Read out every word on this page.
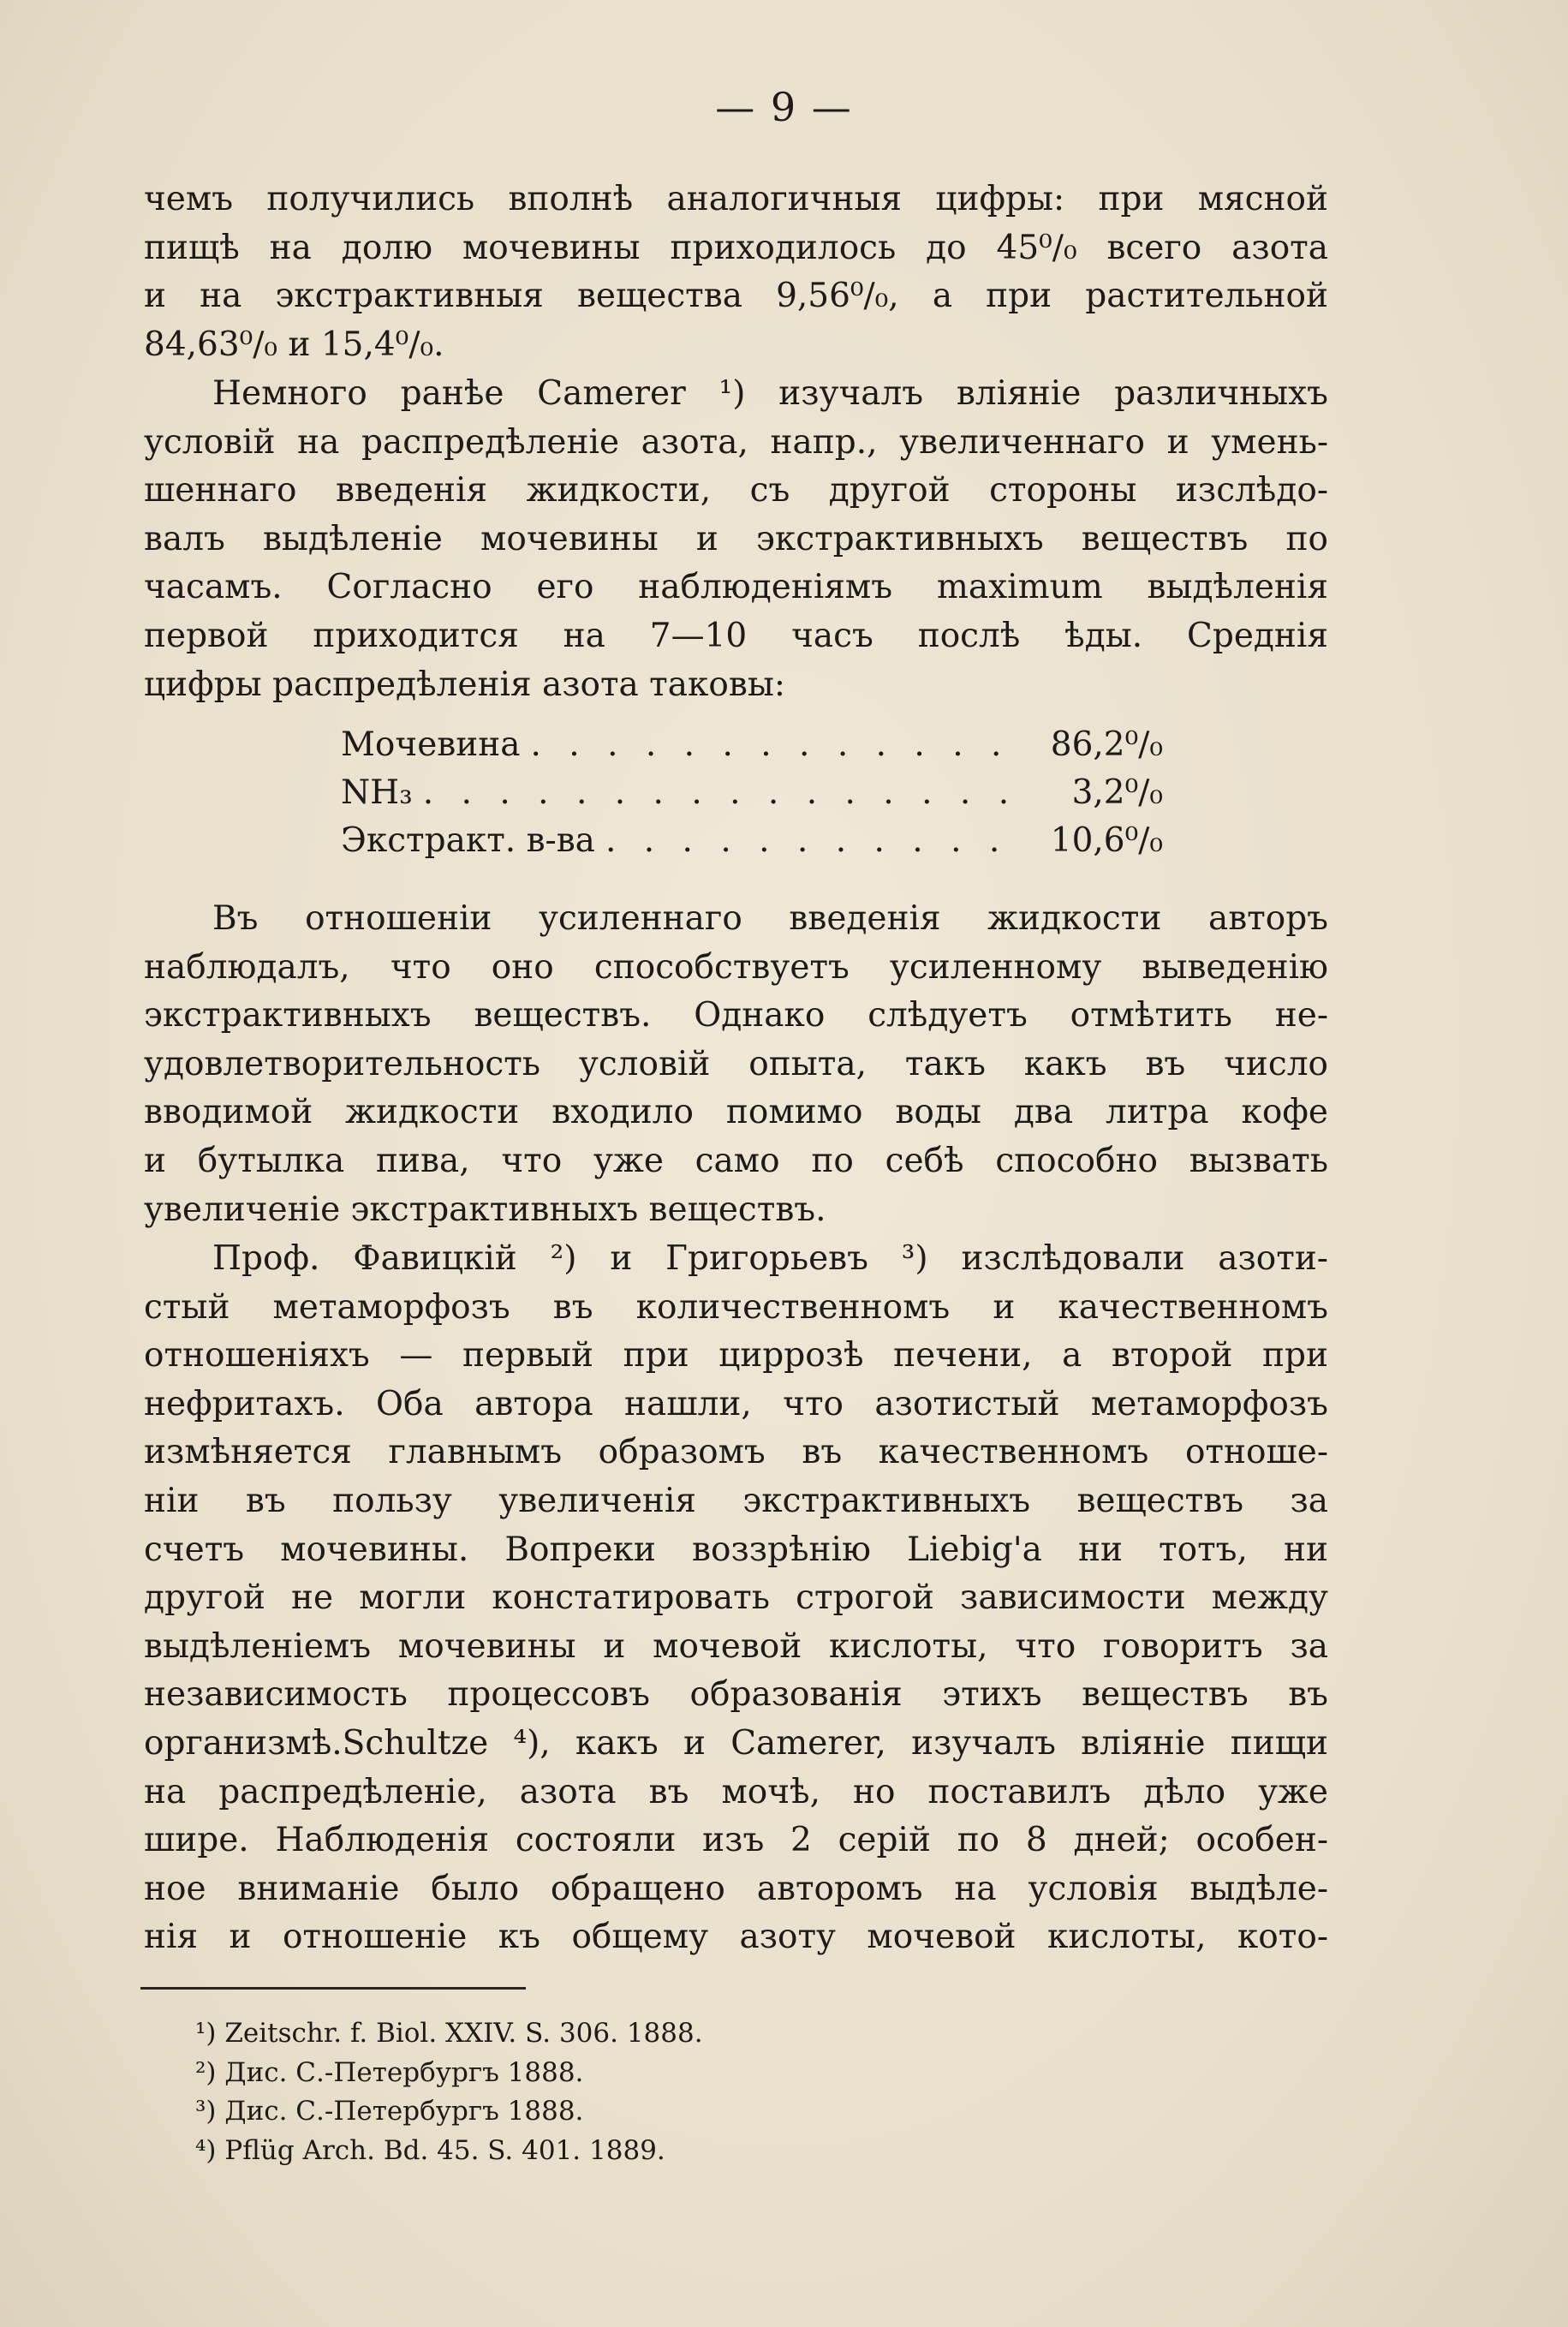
— 9 —
чемъ получились вполнѣ аналогичныя цифры: при мясной
пищѣ на долю мочевины приходилось до 45⁰/₀ всего азота
и на экстрактивныя вещества 9,56⁰/₀, а при растительной
84,63⁰/₀ и 15,4⁰/₀.
Немного ранѣе Camerer ¹) изучалъ вліяніе различныхъ
условій на распредѣленіе азота, напр., увеличеннаго и умень-
шеннаго введенія жидкости, съ другой стороны изслѣдо-
валъ выдѣленіе мочевины и экстрактивныхъ веществъ по
часамъ. Согласно его наблюденіямъ maximum выдѣленія
первой приходится на 7—10 часъ послѣ ѣды. Среднія
цифры распредѣленія азота таковы:
Мочевина . . .	86,2⁰/₀
NH₃ . . .	3,2⁰/₀
Экстракт. в-ва . . .	10,6⁰/₀
Въ отношеніи усиленнаго введенія жидкости авторъ
наблюдалъ, что оно способствуетъ усиленному выведенію
экстрактивныхъ веществъ. Однако слѣдуетъ отмѣтить не-
удовлетворительность условій опыта, такъ какъ въ число
вводимой жидкости входило помимо воды два литра кофе
и бутылка пива, что уже само по себѣ способно вызвать
увеличеніе экстрактивныхъ веществъ.
Проф. Фавицкій ²) и Григорьевъ ³) изслѣдовали азоти-
стый метаморфозъ въ количественномъ и качественномъ
отношеніяхъ — первый при циррозѣ печени, а второй при
нефритахъ. Оба автора нашли, что азотистый метаморфозъ
измѣняется главнымъ образомъ въ качественномъ отноше-
ніи въ пользу увеличенія экстрактивныхъ веществъ за
счетъ мочевины. Вопреки воззрѣнію Liebig'a ни тотъ, ни
другой не могли констатировать строгой зависимости между
выдѣленіемъ мочевины и мочевой кислоты, что говоритъ за
независимость процессовъ образованія этихъ веществъ въ
организмѣ.Schultze ⁴), какъ и Camerer, изучалъ вліяніе пищи
на распредѣленіе, азота въ мочѣ, но поставилъ дѣло уже
шире. Наблюденія состояли изъ 2 серій по 8 дней; особен-
ное вниманіе было обращено авторомъ на условія выдѣле-
нія и отношеніе къ общему азоту мочевой кислоты, кото-
¹) Zeitschr. f. Biol. XXIV. S. 306. 1888.
²) Дис. С.-Петербургъ 1888.
³) Дис. С.-Петербургъ 1888.
⁴) Pflüg Arch. Bd. 45. S. 401. 1889.
